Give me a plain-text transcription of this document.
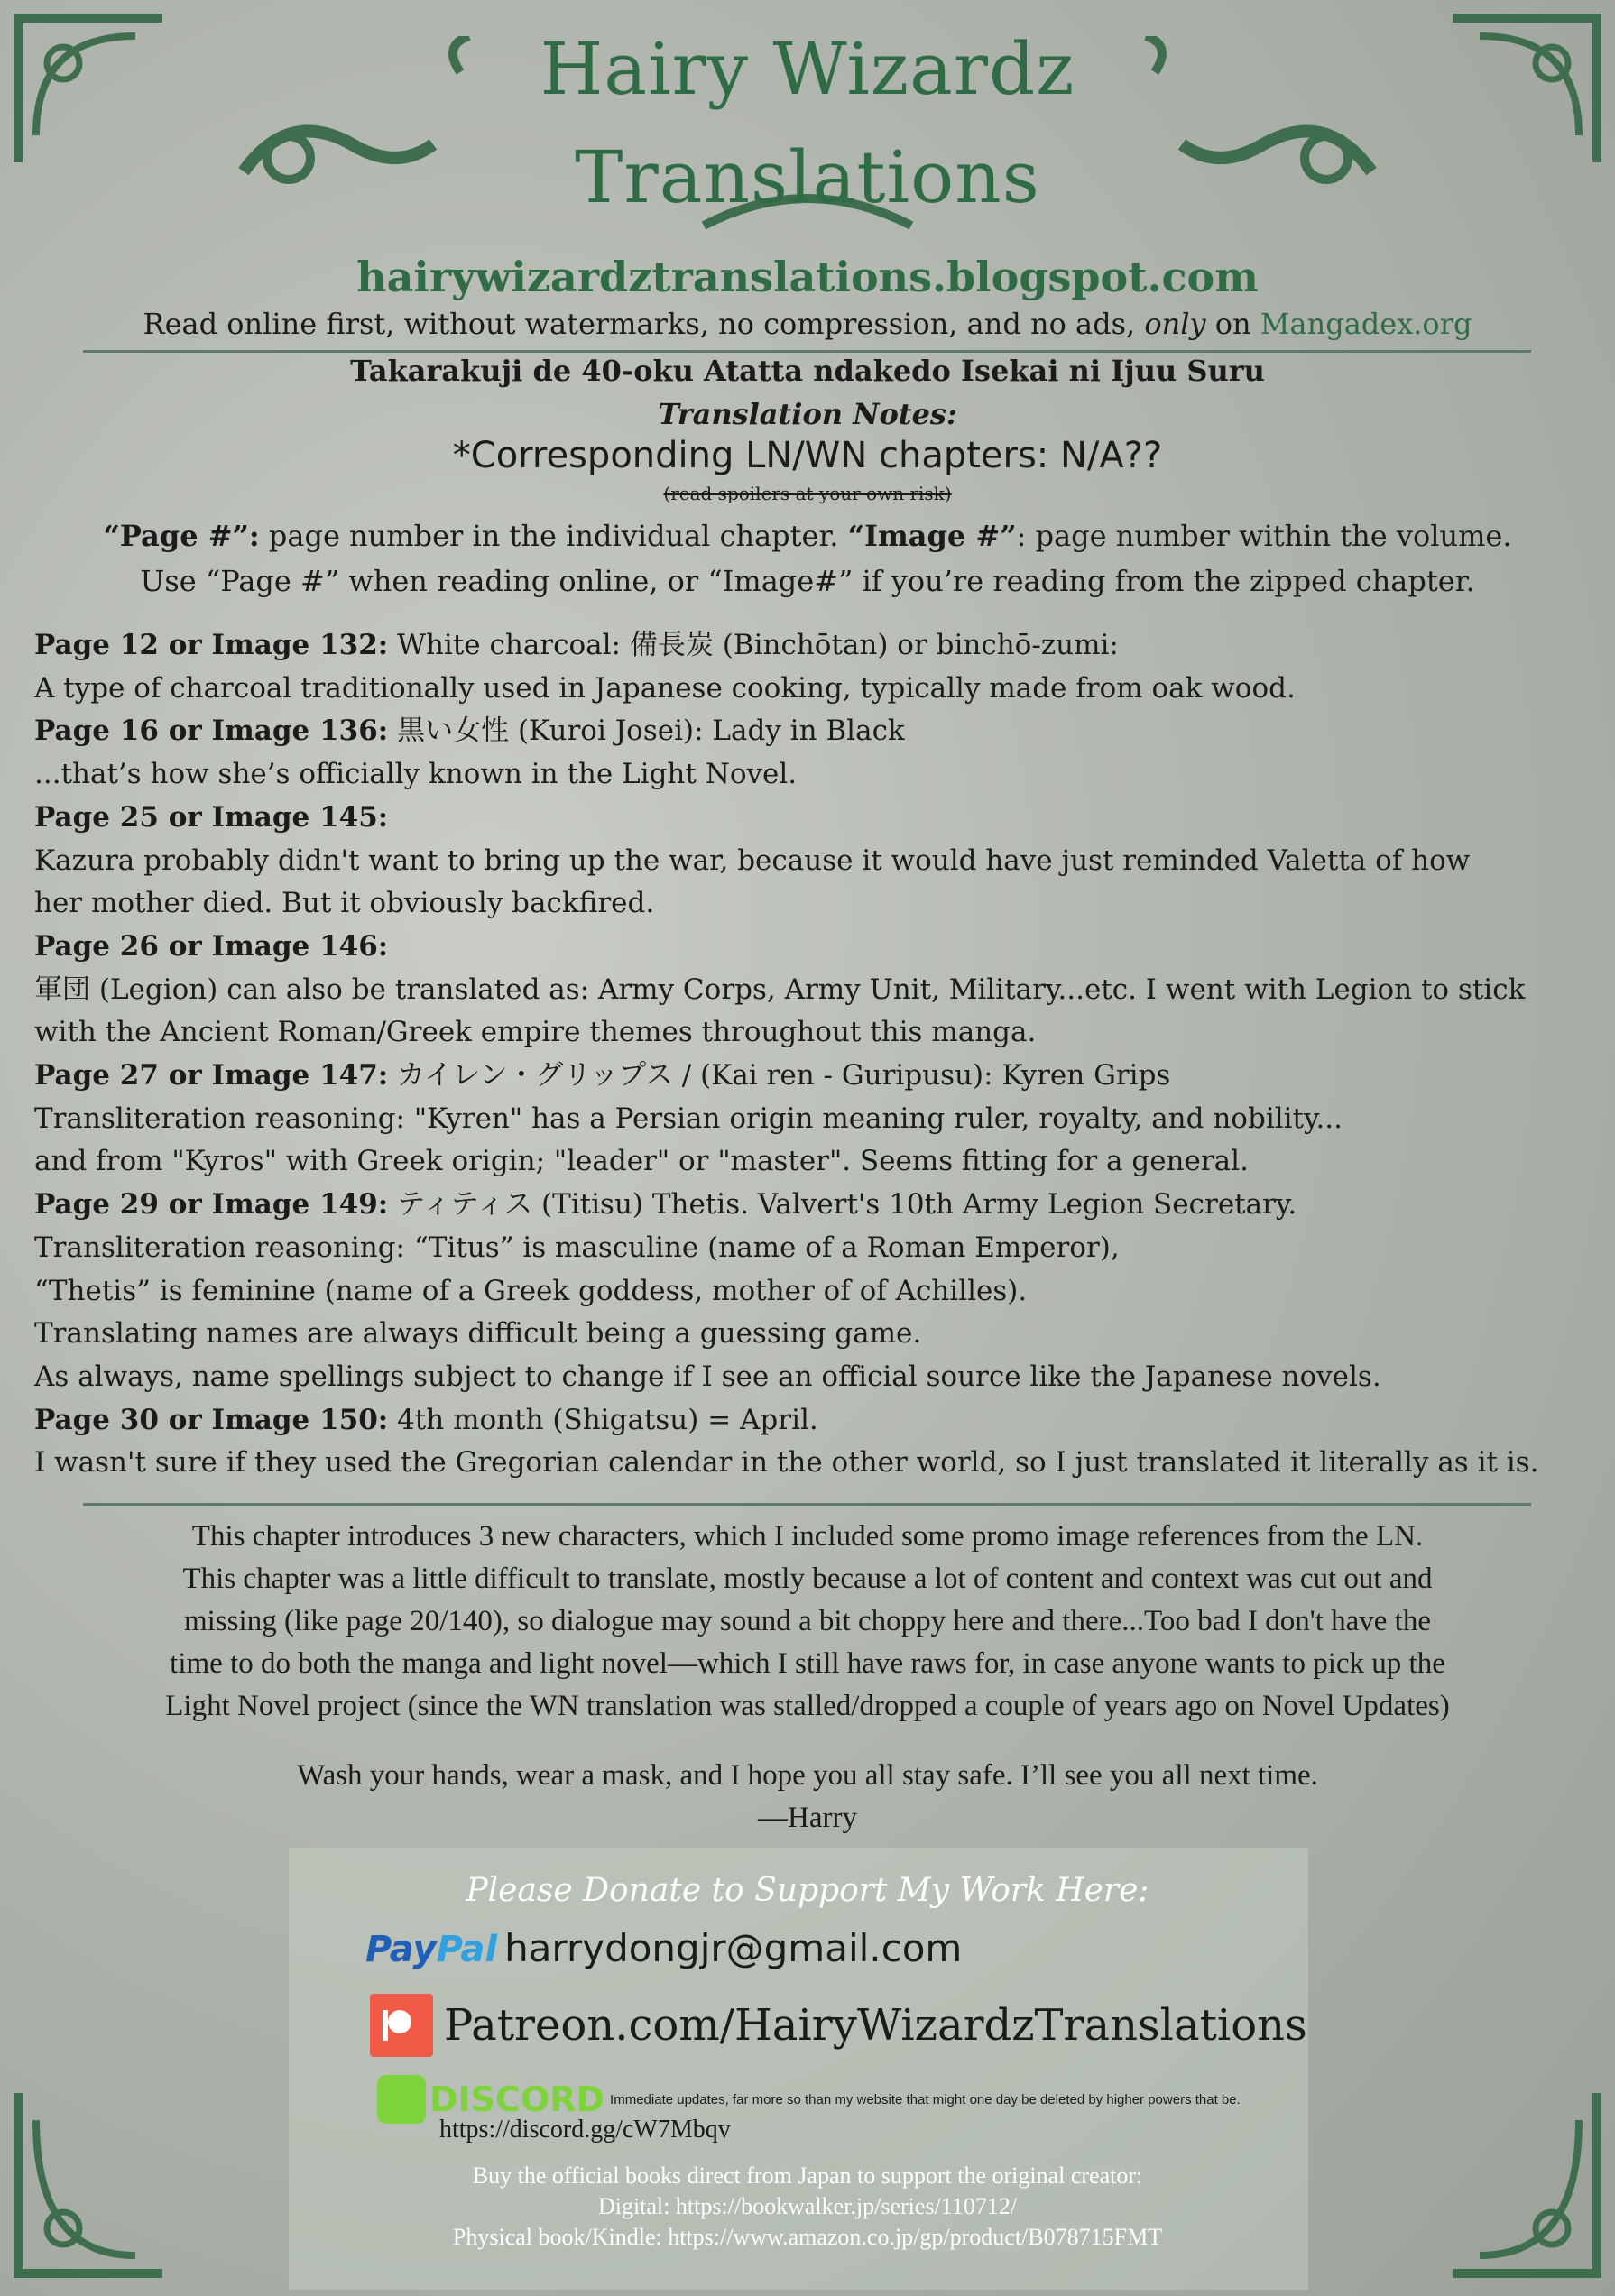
Hairy Wizardz
Translations
hairywizardztranslations.blogspot.com
Read online first, without watermarks, no compression, and no ads, only on Mangadex.org
Takarakuji de 40-oku Atatta ndakedo Isekai ni Ijuu Suru
Translation Notes:
*Corresponding LN/WN chapters: N/A??
(read spoilers at your own risk)
“Page #”: page number in the individual chapter. “Image #”: page number within the volume.
Use “Page #” when reading online, or “Image#” if you’re reading from the zipped chapter.
Page 12 or Image 132: White charcoal: 備長炭 (Binchōtan) or binchō-zumi:
A type of charcoal traditionally used in Japanese cooking, typically made from oak wood.
Page 16 or Image 136: 黒い女性 (Kuroi Josei): Lady in Black
...that’s how she’s officially known in the Light Novel.
Page 25 or Image 145:
Kazura probably didn't want to bring up the war, because it would have just reminded Valetta of how
her mother died. But it obviously backfired.
Page 26 or Image 146:
軍団 (Legion) can also be translated as: Army Corps, Army Unit, Military...etc. I went with Legion to stick
with the Ancient Roman/Greek empire themes throughout this manga.
Page 27 or Image 147: カイレン・グリップス / (Kai ren - Guripusu): Kyren Grips
Transliteration reasoning: "Kyren" has a Persian origin meaning ruler, royalty, and nobility...
and from "Kyros" with Greek origin; "leader" or "master". Seems fitting for a general.
Page 29 or Image 149: ティティス (Titisu) Thetis. Valvert's 10th Army Legion Secretary.
Transliteration reasoning: “Titus” is masculine (name of a Roman Emperor),
“Thetis” is feminine (name of a Greek goddess, mother of of Achilles).
Translating names are always difficult being a guessing game.
As always, name spellings subject to change if I see an official source like the Japanese novels.
Page 30 or Image 150: 4th month (Shigatsu) = April.
I wasn't sure if they used the Gregorian calendar in the other world, so I just translated it literally as it is.
This chapter introduces 3 new characters, which I included some promo image references from the LN.
This chapter was a little difficult to translate, mostly because a lot of content and context was cut out and
missing (like page 20/140), so dialogue may sound a bit choppy here and there...Too bad I don't have the
time to do both the manga and light novel—which I still have raws for, in case anyone wants to pick up the
Light Novel project (since the WN translation was stalled/dropped a couple of years ago on Novel Updates)
Wash your hands, wear a mask, and I hope you all stay safe. I’ll see you all next time.
—Harry
Please Donate to Support My Work Here:
PayPal harrydongjr@gmail.com
Patreon.com/HairyWizardzTranslations
DISCORD Immediate updates, far more so than my website that might one day be deleted by higher powers that be.
https://discord.gg/cW7Mbqv
Buy the official books direct from Japan to support the original creator:
Digital: https://bookwalker.jp/series/110712/
Physical book/Kindle: https://www.amazon.co.jp/gp/product/B078715FMT
